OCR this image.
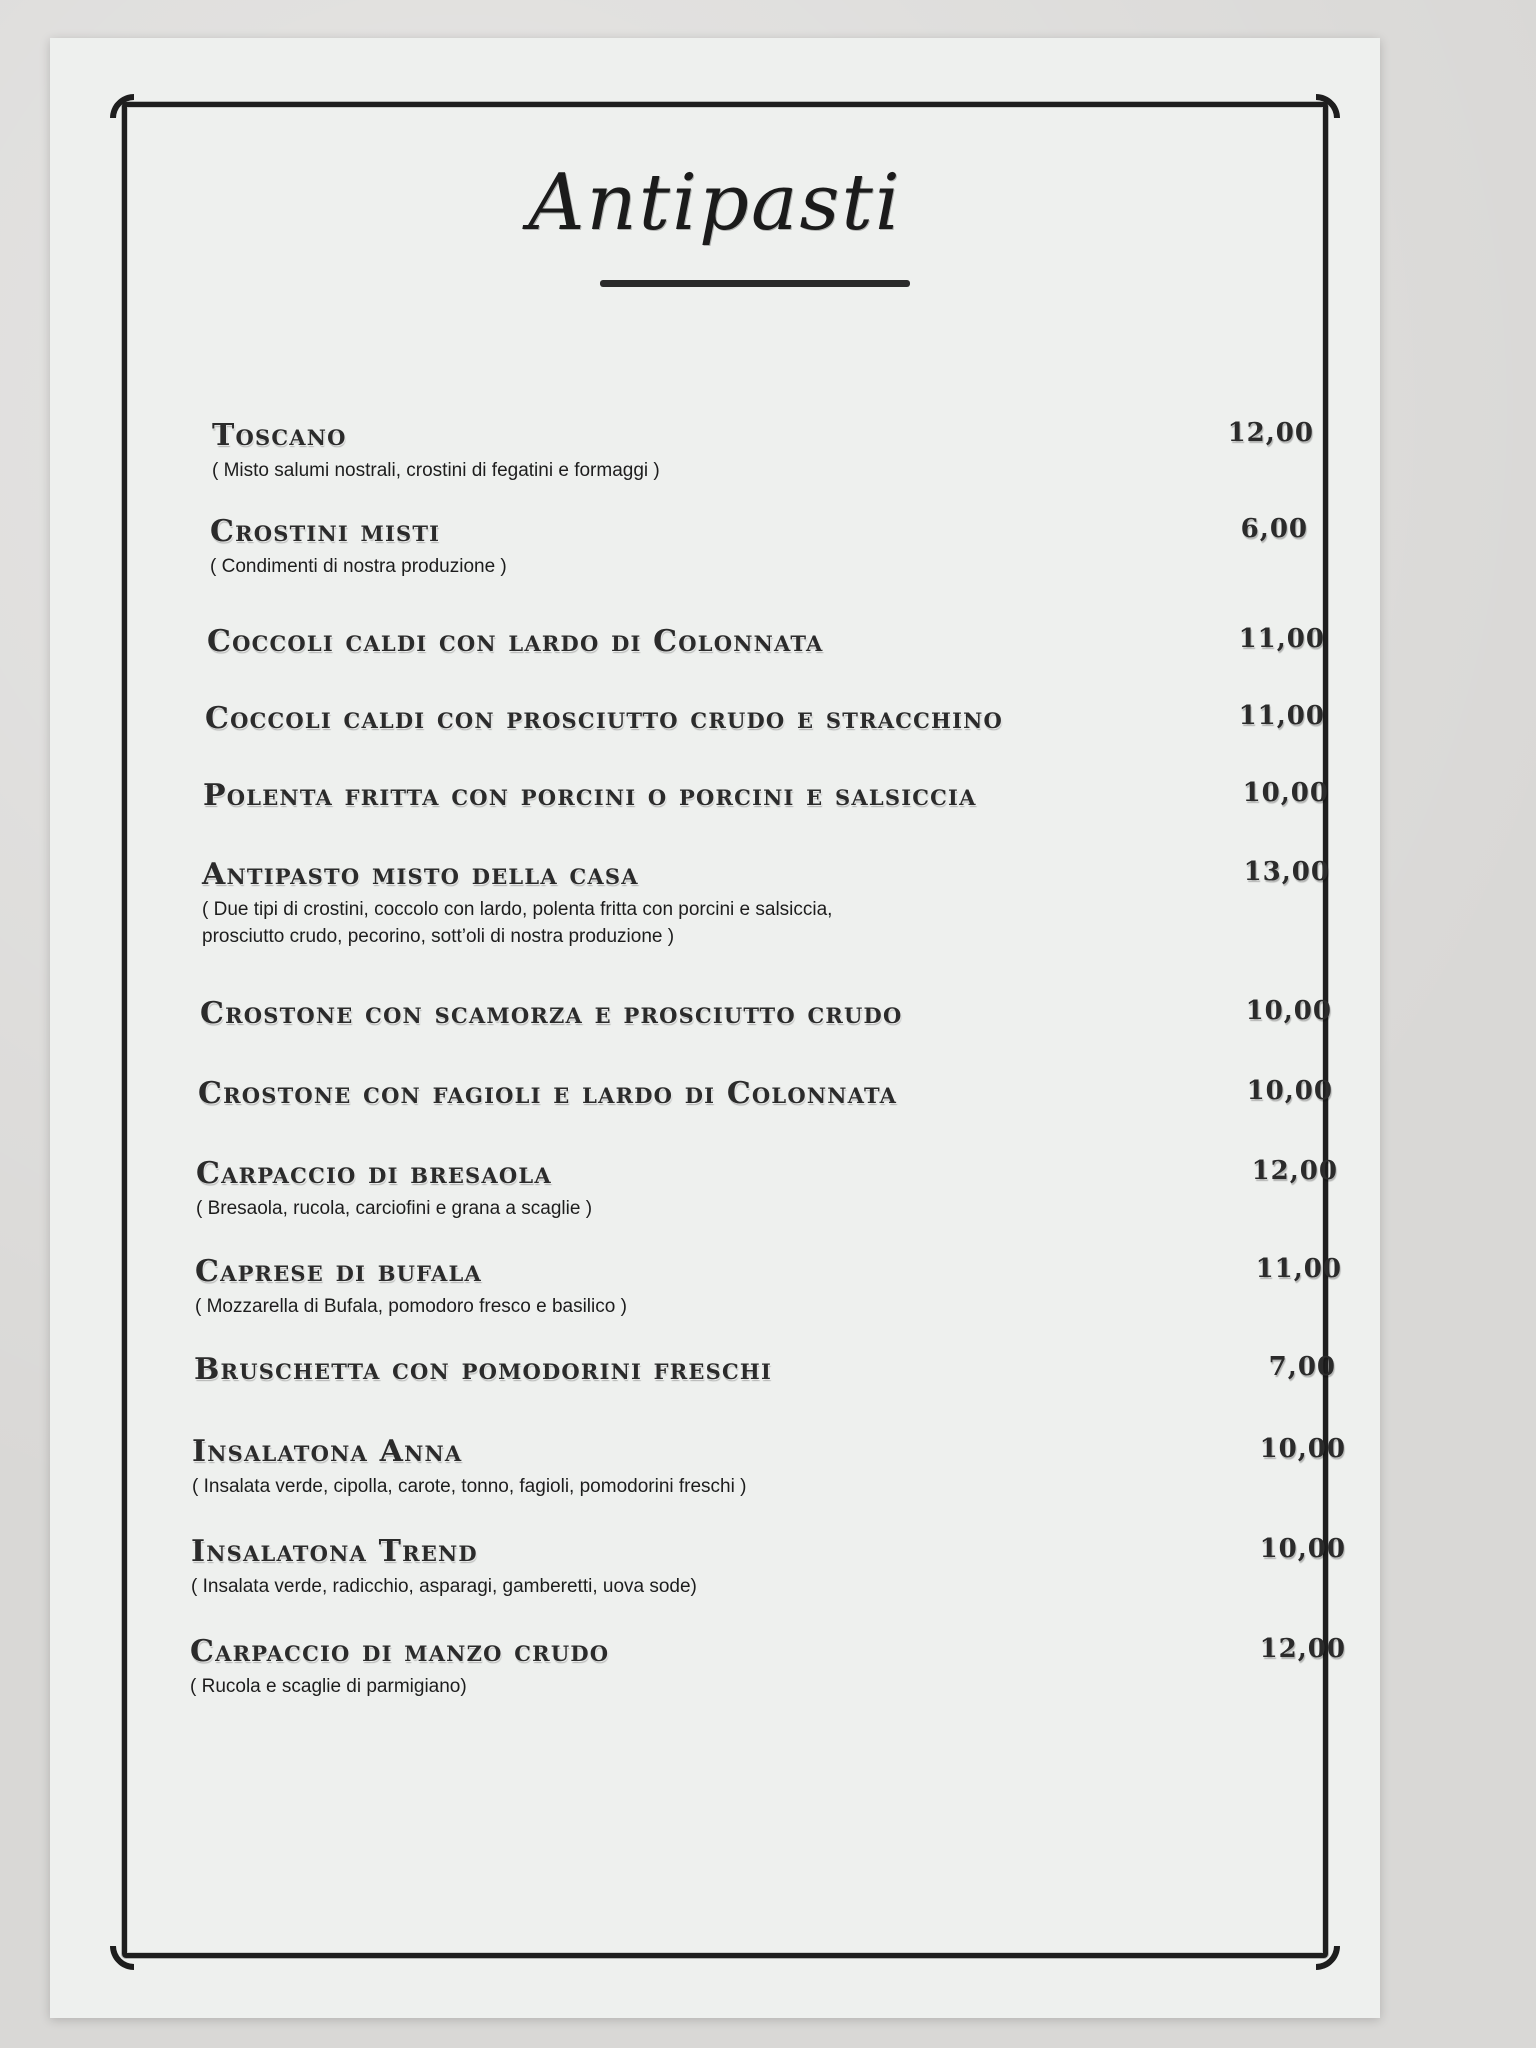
Antipasti
Toscano	12,00
( Misto salumi nostrali, crostini di fegatini e formaggi )
Crostini misti	6,00
( Condimenti di nostra produzione )
Coccoli caldi con lardo di Colonnata	11,00
Coccoli caldi con prosciutto crudo e stracchino	11,00
Polenta fritta con porcini o porcini e salsiccia	10,00
Antipasto misto della casa	13,00
( Due tipi di crostini, coccolo con lardo, polenta fritta con porcini e salsiccia,
prosciutto crudo, pecorino, sott’oli di nostra produzione )
Crostone con scamorza e prosciutto crudo	10,00
Crostone con fagioli e lardo di Colonnata	10,00
Carpaccio di bresaola	12,00
( Bresaola, rucola, carciofini e grana a scaglie )
Caprese di bufala	11,00
( Mozzarella di Bufala, pomodoro fresco e basilico )
Bruschetta con pomodorini freschi	7,00
Insalatona Anna	10,00
( Insalata verde, cipolla, carote, tonno, fagioli, pomodorini freschi )
Insalatona Trend	10,00
( Insalata verde, radicchio, asparagi, gamberetti, uova sode)
Carpaccio di manzo crudo	12,00
( Rucola e scaglie di parmigiano)
